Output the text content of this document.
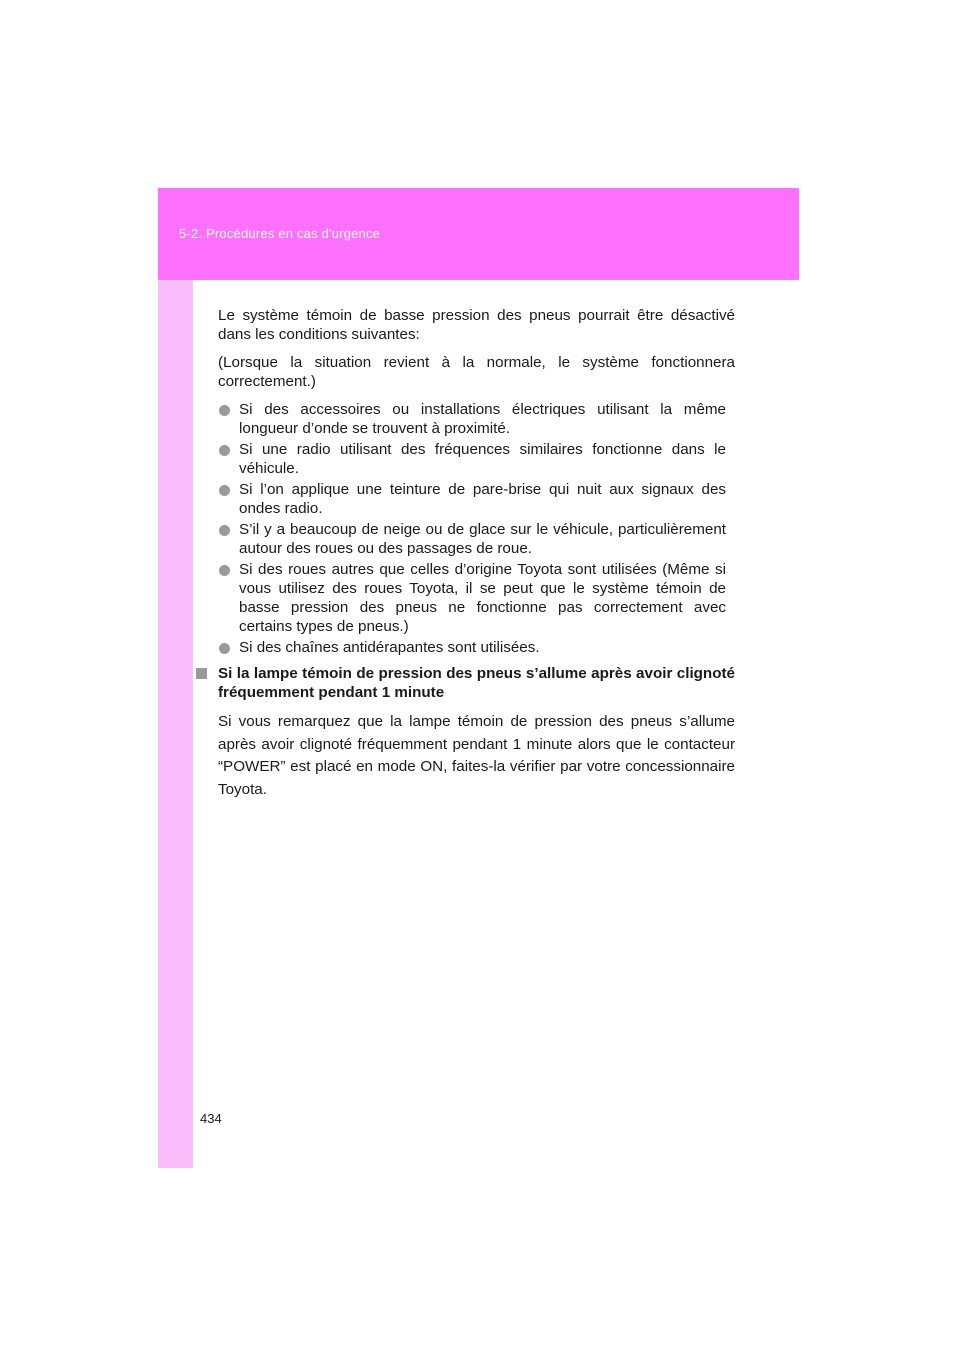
5-2. Procédures en cas d'urgence

Le système témoin de basse pression des pneus pourrait être désactivé dans les conditions suivantes:

(Lorsque la situation revient à la normale, le système fonctionnera correctement.)

Si des accessoires ou installations électriques utilisant la même longueur d’onde se trouvent à proximité.
Si une radio utilisant des fréquences similaires fonctionne dans le véhicule.
Si l’on applique une teinture de pare-brise qui nuit aux signaux des ondes radio.
S’il y a beaucoup de neige ou de glace sur le véhicule, particulièrement autour des roues ou des passages de roue.
Si des roues autres que celles d’origine Toyota sont utilisées (Même si vous utilisez des roues Toyota, il se peut que le système témoin de basse pression des pneus ne fonctionne pas correctement avec certains types de pneus.)
Si des chaînes antidérapantes sont utilisées.

Si la lampe témoin de pression des pneus s’allume après avoir clignoté fréquemment pendant 1 minute

Si vous remarquez que la lampe témoin de pression des pneus s’allume après avoir clignoté fréquemment pendant 1 minute alors que le contacteur “POWER” est placé en mode ON, faites-la vérifier par votre concessionnaire Toyota.

434
